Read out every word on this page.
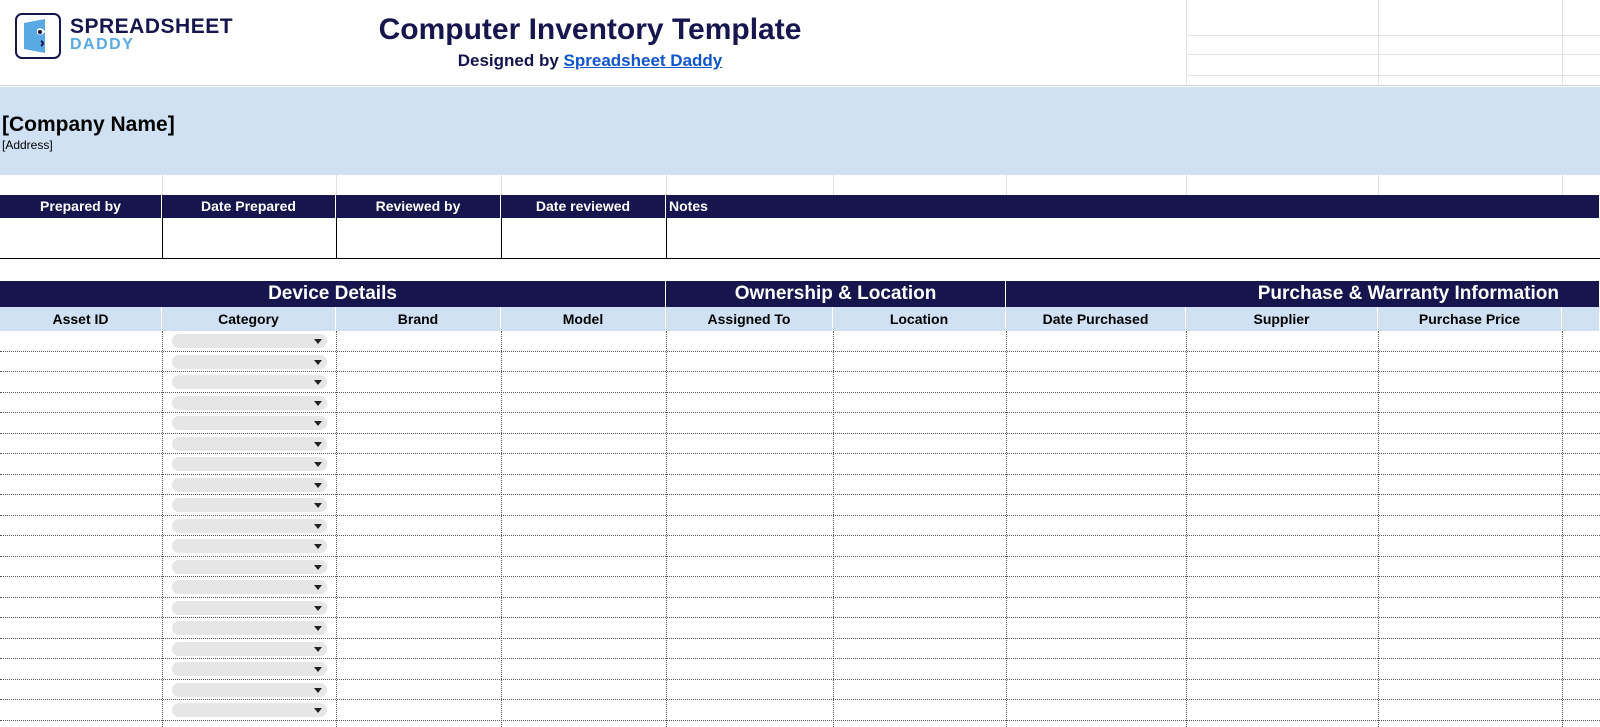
SPREADSHEET
DADDY	Computer Inventory Template
Designed by Spreadsheet Daddy
[Company Name]
[Address]
Prepared by	Date Prepared	Reviewed by	Date reviewed	Notes
Device Details	Ownership & Location	Purchase & Warranty Information
Asset ID	Category	Brand	Model	Assigned To	Location	Date Purchased	Supplier	Purchase Price
